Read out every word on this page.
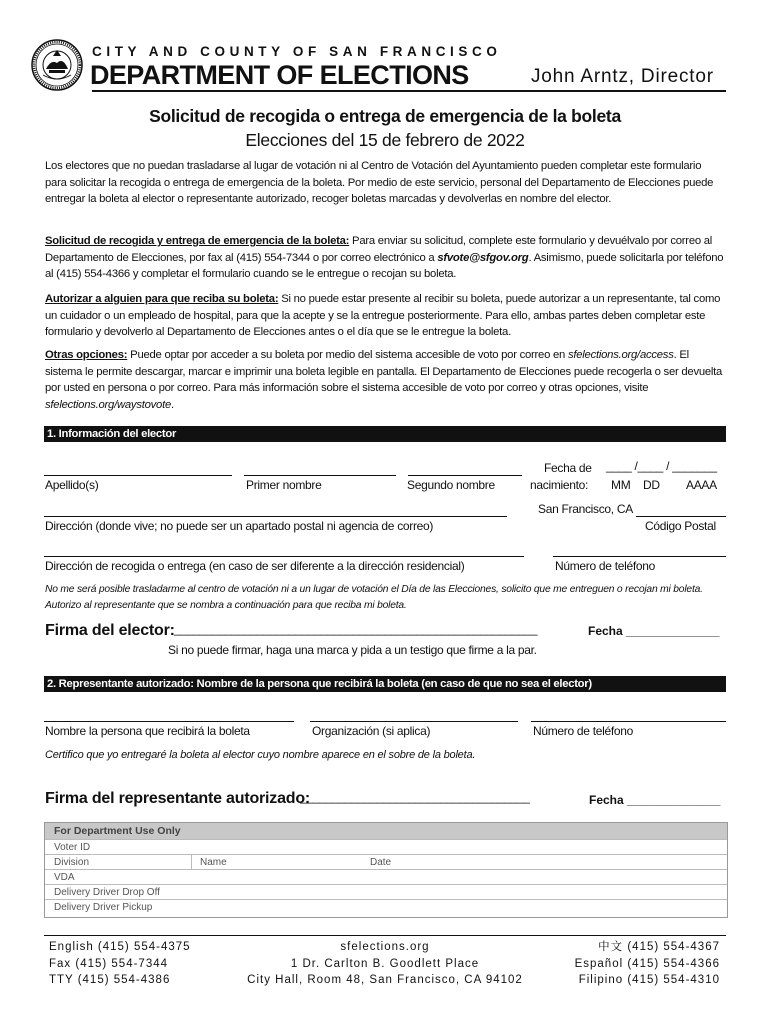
CITY AND COUNTY OF SAN FRANCISCO
DEPARTMENT OF ELECTIONS	John Arntz, Director
Solicitud de recogida o entrega de emergencia de la boleta
Elecciones del 15 de febrero de 2022
Los electores que no puedan trasladarse al lugar de votación ni al Centro de Votación del Ayuntamiento pueden completar este formulario para solicitar la recogida o entrega de emergencia de la boleta. Por medio de este servicio, personal del Departamento de Elecciones puede entregar la boleta al elector o representante autorizado, recoger boletas marcadas y devolverlas en nombre del elector.
Solicitud de recogida y entrega de emergencia de la boleta: Para enviar su solicitud, complete este formulario y devuélvalo por correo al Departamento de Elecciones, por fax al (415) 554-7344 o por correo electrónico a sfvote@sfgov.org. Asimismo, puede solicitarla por teléfono al (415) 554-4366 y completar el formulario cuando se le entregue o recojan su boleta.
Autorizar a alguien para que reciba su boleta: Si no puede estar presente al recibir su boleta, puede autorizar a un representante, tal como un cuidador o un empleado de hospital, para que la acepte y se la entregue posteriormente. Para ello, ambas partes deben completar este formulario y devolverlo al Departamento de Elecciones antes o el día que se le entregue la boleta.
Otras opciones: Puede optar por acceder a su boleta por medio del sistema accesible de voto por correo en sfelections.org/access. El sistema le permite descargar, marcar e imprimir una boleta legible en pantalla. El Departamento de Elecciones puede recogerla o ser devuelta por usted en persona o por correo. Para más información sobre el sistema accesible de voto por correo y otras opciones, visite sfelections.org/waystovote.
1. Información del elector
Apellido(s)	Primer nombre	Segundo nombre
Fecha de ____ /____ / _______
nacimiento: MM DD AAAA
Dirección (donde vive; no puede ser un apartado postal ni agencia de correo)
San Francisco, CA
Código Postal
Dirección de recogida o entrega (en caso de ser diferente a la dirección residencial)	Número de teléfono
No me será posible trasladarme al centro de votación ni a un lugar de votación el Día de las Elecciones, solicito que me entreguen o recojan mi boleta. Autorizo al representante que se nombra a continuación para que reciba mi boleta.
Firma del elector: _________________________________________________________	Fecha ______________
Si no puede firmar, haga una marca y pida a un testigo que firme a la par.
2. Representante autorizado: Nombre de la persona que recibirá la boleta (en caso de que no sea el elector)
Nombre la persona que recibirá la boleta	Organización (si aplica)	Número de teléfono
Certifico que yo entregaré la boleta al elector cuyo nombre aparece en el sobre de la boleta.
Firma del representante autorizado:
____________________________________	Fecha ______________
For Department Use Only
Voter ID
Division	Name	Date
VDA
Delivery Driver Drop Off
Delivery Driver Pickup
English (415) 554-4375
Fax (415) 554-7344
TTY (415) 554-4386
sfelections.org
1 Dr. Carlton B. Goodlett Place
City Hall, Room 48, San Francisco, CA 94102
中文 (415) 554-4367
Español (415) 554-4366
Filipino (415) 554-4310
